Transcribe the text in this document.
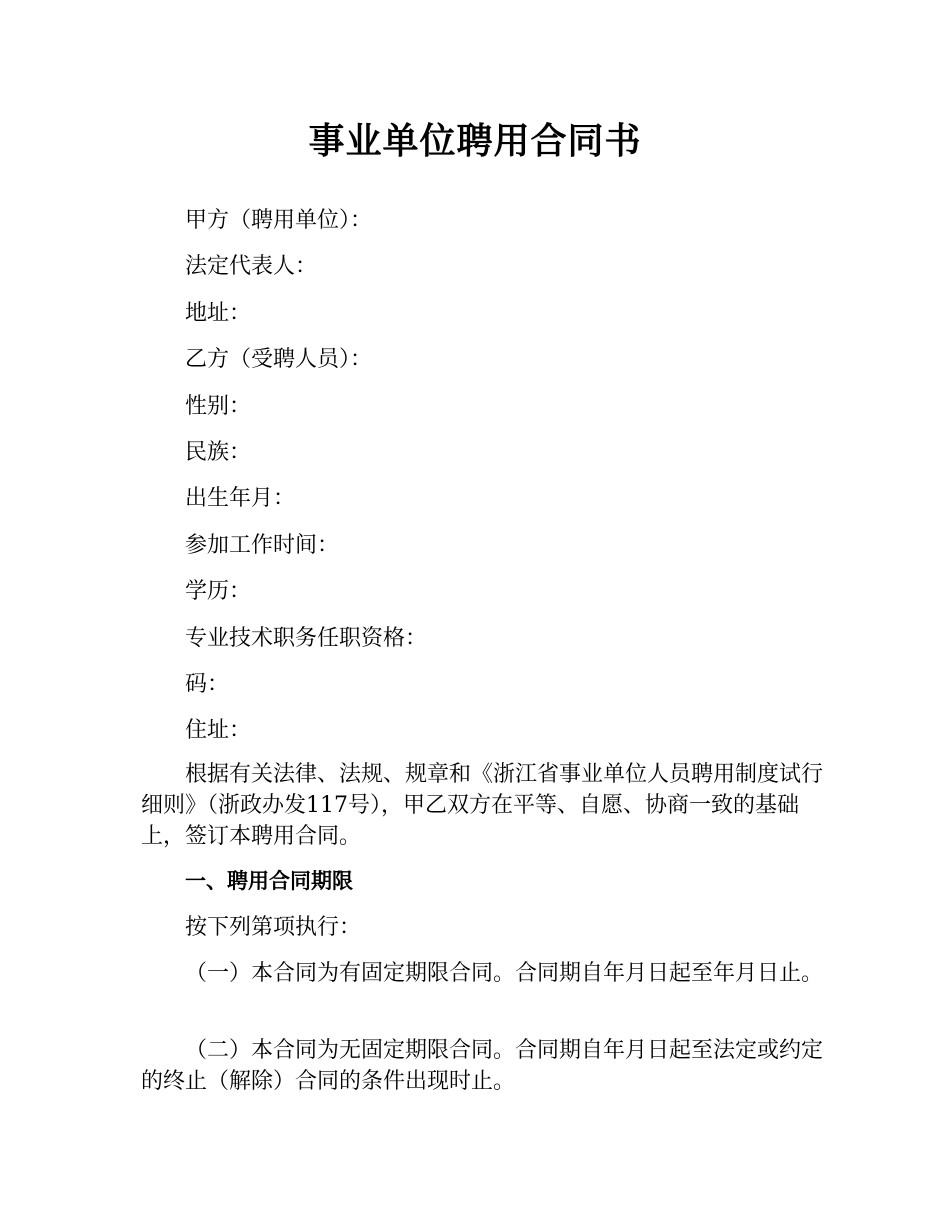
事业单位聘用合同书
甲方（聘用单位）：
法定代表人：
地址：
乙方（受聘人员）：
性别：
民族：
出生年月：
参加工作时间：
学历：
专业技术职务任职资格：
码：
住址：

根据有关法律、法规、规章和《浙江省事业单位人员聘用制度试行细则》（浙政办发117号），甲乙双方在平等、自愿、协商一致的基础上，签订本聘用合同。

一、聘用合同期限

按下列第项执行：

（一）本合同为有固定期限合同。合同期自年月日起至年月日止。

（二）本合同为无固定期限合同。合同期自年月日起至法定或约定的终止（解除）合同的条件出现时止。
